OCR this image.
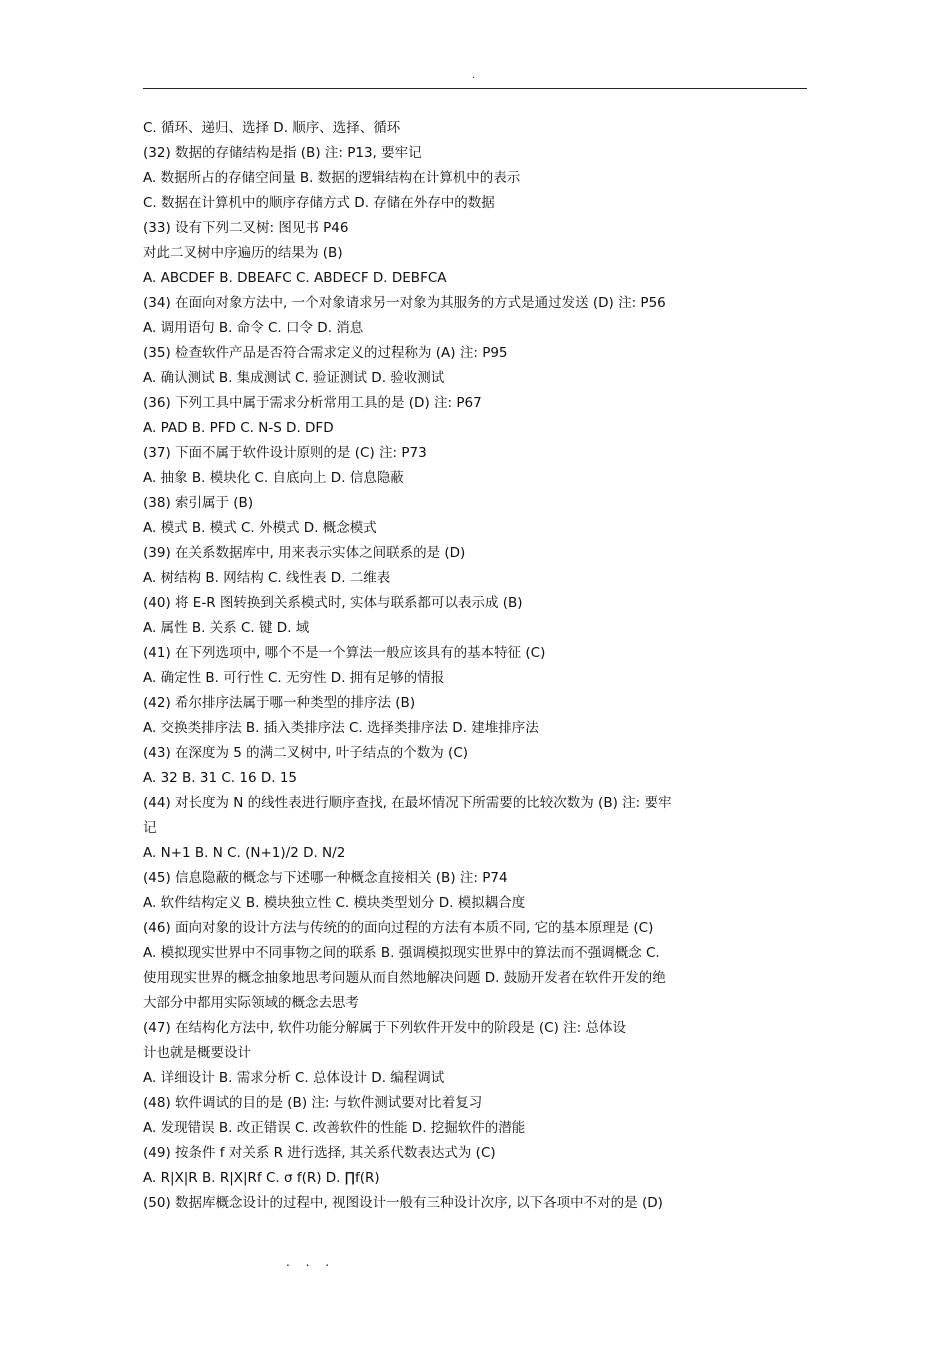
.
C. 循环、递归、选择 D. 顺序、选择、循环
(32) 数据的存储结构是指 (B) 注: P13, 要牢记
A. 数据所占的存储空间量 B. 数据的逻辑结构在计算机中的表示
C. 数据在计算机中的顺序存储方式 D. 存储在外存中的数据
(33) 设有下列二叉树: 图见书 P46
对此二叉树中序遍历的结果为 (B)
A. ABCDEF B. DBEAFC C. ABDECF D. DEBFCA
(34) 在面向对象方法中, 一个对象请求另一对象为其服务的方式是通过发送 (D) 注: P56
A. 调用语句 B. 命令 C. 口令 D. 消息
(35) 检查软件产品是否符合需求定义的过程称为 (A) 注: P95
A. 确认测试 B. 集成测试 C. 验证测试 D. 验收测试
(36) 下列工具中属于需求分析常用工具的是 (D) 注: P67
A. PAD B. PFD C. N-S D. DFD
(37) 下面不属于软件设计原则的是 (C) 注: P73
A. 抽象 B. 模块化 C. 自底向上 D. 信息隐蔽
(38) 索引属于 (B)
A. 模式 B. 模式 C. 外模式 D. 概念模式
(39) 在关系数据库中, 用来表示实体之间联系的是 (D)
A. 树结构 B. 网结构 C. 线性表 D. 二维表
(40) 将 E-R 图转换到关系模式时, 实体与联系都可以表示成 (B)
A. 属性 B. 关系 C. 键 D. 域
(41) 在下列选项中, 哪个不是一个算法一般应该具有的基本特征 (C)
A. 确定性 B. 可行性 C. 无穷性 D. 拥有足够的情报
(42) 希尔排序法属于哪一种类型的排序法 (B)
A. 交换类排序法 B. 插入类排序法 C. 选择类排序法 D. 建堆排序法
(43) 在深度为 5 的满二叉树中, 叶子结点的个数为 (C)
A. 32 B. 31 C. 16 D. 15
(44) 对长度为 N 的线性表进行顺序查找, 在最坏情况下所需要的比较次数为 (B) 注: 要牢
记
A. N+1 B. N C. (N+1)/2 D. N/2
(45) 信息隐蔽的概念与下述哪一种概念直接相关 (B) 注: P74
A. 软件结构定义 B. 模块独立性 C. 模块类型划分 D. 模拟耦合度
(46) 面向对象的设计方法与传统的的面向过程的方法有本质不同, 它的基本原理是 (C)
A. 模拟现实世界中不同事物之间的联系 B. 强调模拟现实世界中的算法而不强调概念 C.
使用现实世界的概念抽象地思考问题从而自然地解决问题 D. 鼓励开发者在软件开发的绝
大部分中都用实际领域的概念去思考
(47) 在结构化方法中, 软件功能分解属于下列软件开发中的阶段是 (C) 注: 总体设
计也就是概要设计
A. 详细设计 B. 需求分析 C. 总体设计 D. 编程调试
(48) 软件调试的目的是 (B) 注: 与软件测试要对比着复习
A. 发现错误 B. 改正错误 C. 改善软件的性能 D. 挖掘软件的潜能
(49) 按条件 f 对关系 R 进行选择, 其关系代数表达式为 (C)
A. R|X|R B. R|X|Rf C. σ f(R) D. ∏f(R)
(50) 数据库概念设计的过程中, 视图设计一般有三种设计次序, 以下各项中不对的是 (D)
. . .
